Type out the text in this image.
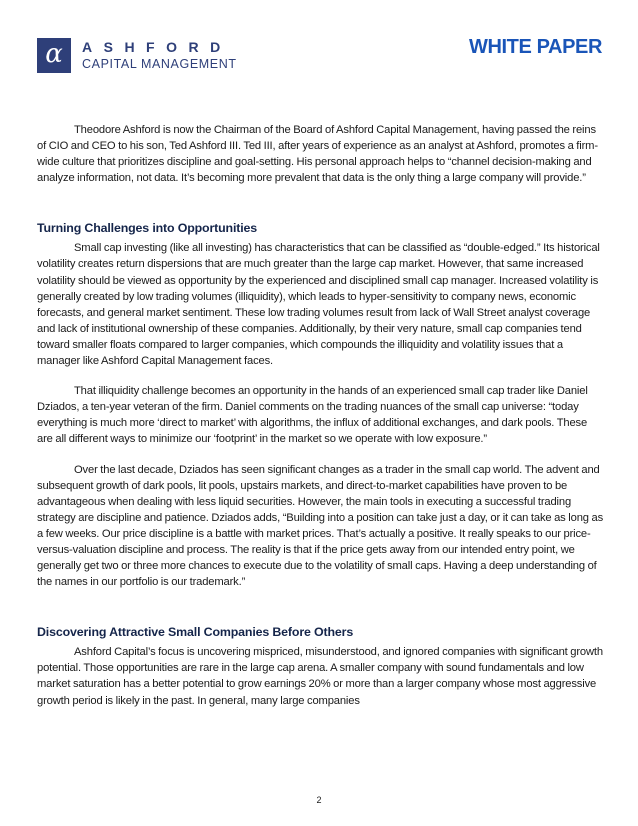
α	ASHFORD
CAPITAL MANAGEMENT
WHITE PAPER

Theodore Ashford is now the Chairman of the Board of Ashford Capital Management, having passed the reins of CIO and CEO to his son, Ted Ashford III. Ted III, after years of experience as an analyst at Ashford, promotes a firm-wide culture that prioritizes discipline and goal-setting. His personal approach helps to “channel decision-making and analyze information, not data. It’s becoming more prevalent that data is the only thing a large company will provide.”

Turning Challenges into Opportunities

Small cap investing (like all investing) has characteristics that can be classified as “double-edged.” Its historical volatility creates return dispersions that are much greater than the large cap market. However, that same increased volatility should be viewed as opportunity by the experienced and disciplined small cap manager. Increased volatility is generally created by low trading volumes (illiquidity), which leads to hyper-sensitivity to company news, economic forecasts, and general market sentiment. These low trading volumes result from lack of Wall Street analyst coverage and lack of institutional ownership of these companies. Additionally, by their very nature, small cap companies tend toward smaller floats compared to larger companies, which compounds the illiquidity and volatility issues that a manager like Ashford Capital Management faces.

That illiquidity challenge becomes an opportunity in the hands of an experienced small cap trader like Daniel Dziados, a ten-year veteran of the firm. Daniel comments on the trading nuances of the small cap universe: “today everything is much more ‘direct to market’ with algorithms, the influx of additional exchanges, and dark pools. These are all different ways to minimize our ‘footprint’ in the market so we operate with low exposure.”

Over the last decade, Dziados has seen significant changes as a trader in the small cap world. The advent and subsequent growth of dark pools, lit pools, upstairs markets, and direct-to-market capabilities have proven to be advantageous when dealing with less liquid securities. However, the main tools in executing a successful trading strategy are discipline and patience. Dziados adds, “Building into a position can take just a day, or it can take as long as a few weeks. Our price discipline is a battle with market prices. That’s actually a positive. It really speaks to our price-versus-valuation discipline and process. The reality is that if the price gets away from our intended entry point, we generally get two or three more chances to execute due to the volatility of small caps. Having a deep understanding of the names in our portfolio is our trademark.”

Discovering Attractive Small Companies Before Others

Ashford Capital’s focus is uncovering mispriced, misunderstood, and ignored companies with significant growth potential. Those opportunities are rare in the large cap arena. A smaller company with sound fundamentals and low market saturation has a better potential to grow earnings 20% or more than a larger company whose most aggressive growth period is likely in the past. In general, many large companies

2
